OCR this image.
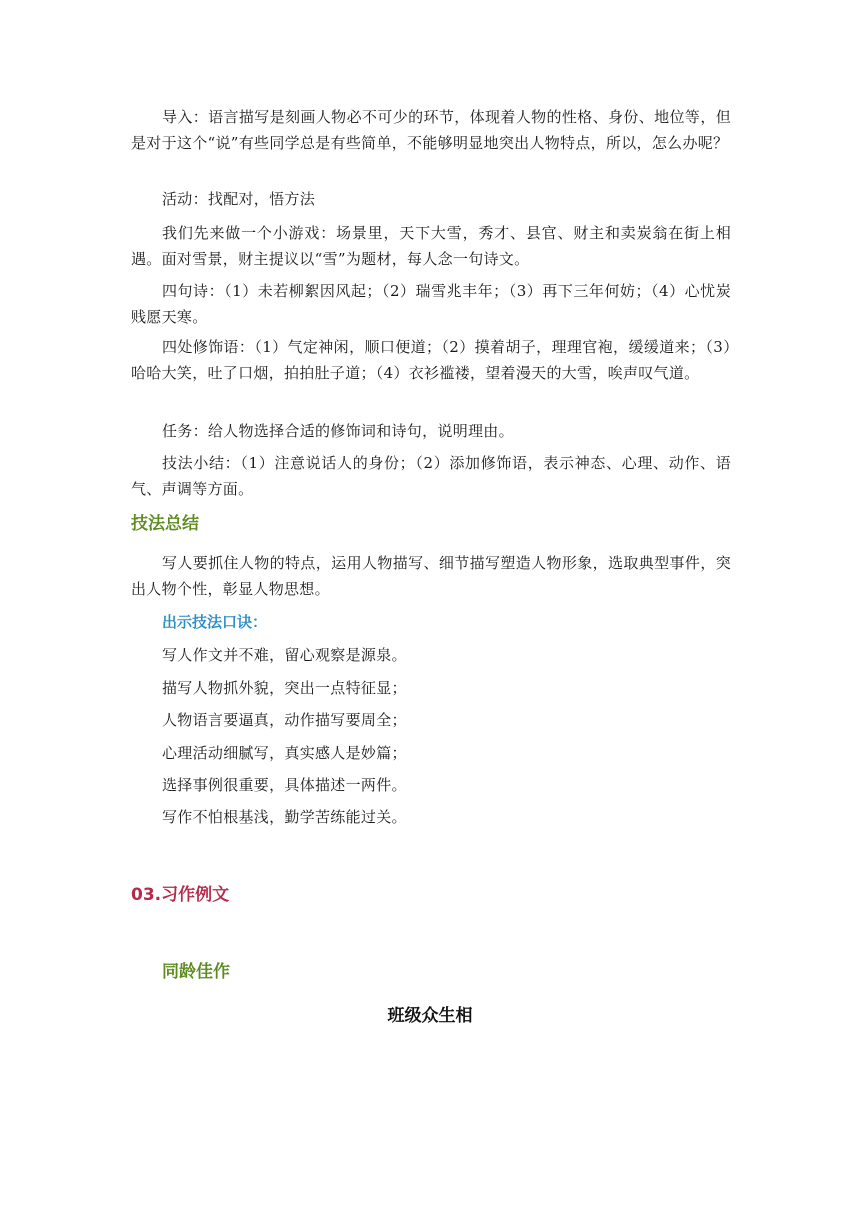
导入：语言描写是刻画人物必不可少的环节，体现着人物的性格、身份、地位等，但是对于这个“说”有些同学总是有些简单，不能够明显地突出人物特点，所以，怎么办呢？

活动：找配对，悟方法

我们先来做一个小游戏：场景里，天下大雪，秀才、县官、财主和卖炭翁在街上相遇。面对雪景，财主提议以“雪”为题材，每人念一句诗文。

四句诗：（1）未若柳絮因风起；（2）瑞雪兆丰年；（3）再下三年何妨；（4）心忧炭贱愿天寒。

四处修饰语：（1）气定神闲，顺口便道；（2）摸着胡子，理理官袍，缓缓道来；（3）哈哈大笑，吐了口烟，拍拍肚子道；（4）衣衫褴褛，望着漫天的大雪，唉声叹气道。

任务：给人物选择合适的修饰词和诗句，说明理由。

技法小结：（1）注意说话人的身份；（2）添加修饰语，表示神态、心理、动作、语气、声调等方面。

技法总结

写人要抓住人物的特点，运用人物描写、细节描写塑造人物形象，选取典型事件，突出人物个性，彰显人物思想。

出示技法口诀：

写人作文并不难，留心观察是源泉。

描写人物抓外貌，突出一点特征显；

人物语言要逼真，动作描写要周全；

心理活动细腻写，真实感人是妙篇；

选择事例很重要，具体描述一两件。

写作不怕根基浅，勤学苦练能过关。

03.习作例文
同龄佳作
班级众生相
